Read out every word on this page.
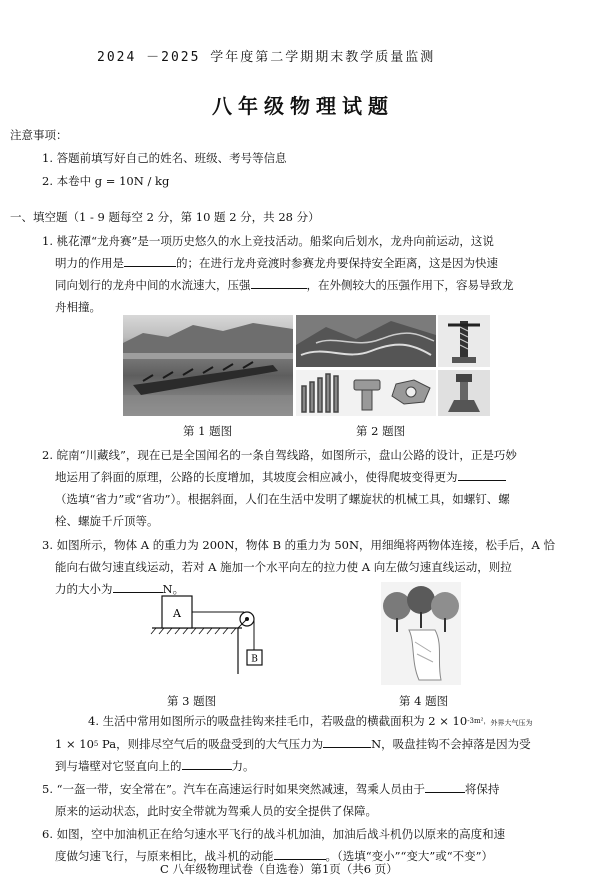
2024 －2025 学年度第二学期期末教学质量监测
八年级物理试题
注意事项：
1. 答题前填写好自己的姓名、班级、考号等信息
2. 本卷中 g = 10N / kg
一、填空题（1 - 9 题每空 2 分，第 10 题 2 分，共 28 分）
1. 桃花潭“龙舟赛”是一项历史悠久的水上竞技活动。船桨向后划水，龙舟向前运动，这说
明力的作用是	的；在进行龙舟竞渡时参赛龙舟要保持安全距离，这是因为快速
同向划行的龙舟中间的水流速大，压强	，在外侧较大的压强作用下，容易导致龙
舟相撞。
第 1 题图	第 2 题图
2. 皖南“川藏线”，现在已是全国闻名的一条自驾线路，如图所示，盘山公路的设计，正是巧妙
地运用了斜面的原理，公路的长度增加，其坡度会相应减小，使得爬坡变得更为
（选填“省力”或“省功”）。根据斜面，人们在生活中发明了螺旋状的机械工具，如螺钉、螺
栓、螺旋千斤顶等。
3. 如图所示，物体 A 的重力为 200N，物体 B 的重力为 50N，用细绳将两物体连接，松手后，A 恰
能向右做匀速直线运动，若对 A 施加一个水平向左的拉力使 A 向左做匀速直线运动，则拉
力的大小为	N。
A
B
第 3 题图	第 4 题图
4. 生活中常用如图所示的吸盘挂钩来挂毛巾，若吸盘的横截面积为 $2 \times 10^{-3m^2,}$外界大气压为
$1 \times 10^5$ Pa，则排尽空气后的吸盘受到的大气压力为	N，吸盘挂钩不会掉落是因为受
到与墙壁对它竖直向上的	力。
5. “一盔一带，安全常在”。汽车在高速运行时如果突然减速，驾乘人员由于	将保持
原来的运动状态，此时安全带就为驾乘人员的安全提供了保障。
6. 如图，空中加油机正在给匀速水平飞行的战斗机加油，加油后战斗机仍以原来的高度和速
度做匀速飞行，与原来相比，战斗机的动能	。（选填“变小”“变大”或“不变”）
C 八年级物理试卷（自选卷）第1页（共6 页）
